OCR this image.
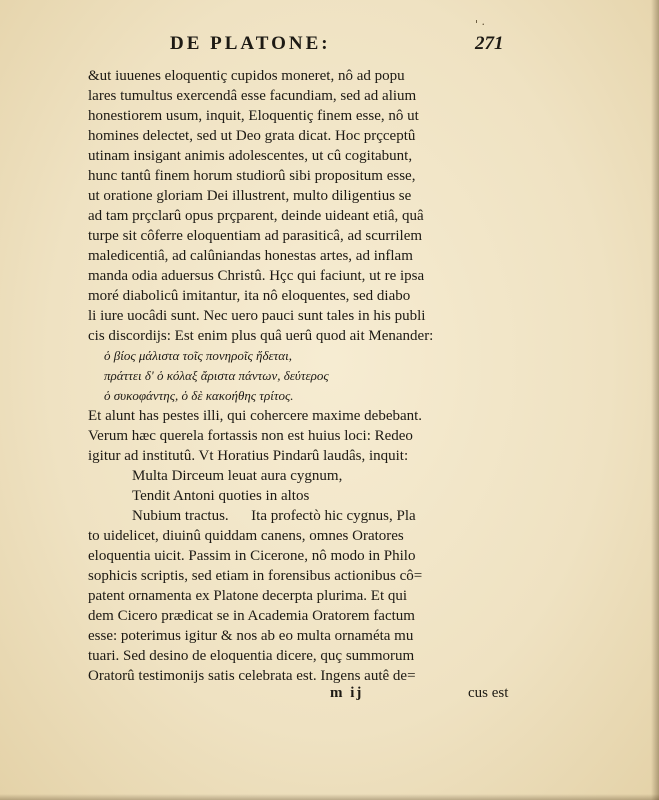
' ·
DE PLATONE:	271
&ut iuuenes eloquentiç cupidos moneret, nô ad popu
lares tumultus exercendâ esse facundiam, sed ad alium
honestiorem usum, inquit, Eloquentiç finem esse, nô ut
homines delectet, sed ut Deo grata dicat. Hoc prçceptû
utinam insigant animis adolescentes, ut cû cogitabunt,
hunc tantû finem horum studiorû sibi propositum esse,
ut oratione gloriam Dei illustrent, multo diligentius se
ad tam prçclarû opus prçparent, deinde uideant etiâ, quâ
turpe sit côferre eloquentiam ad parasiticâ, ad scurrilem
maledicentiâ, ad calûniandas honestas artes, ad inflam
manda odia aduersus Christû. Hçc qui faciunt, ut re ipsa
moré diabolicû imitantur, ita nô eloquentes, sed diabo
li iure uocâdi sunt. Nec uero pauci sunt tales in his publi
cis discordijs: Est enim plus quâ uerû quod ait Menander:
ὁ βίος μάλιστα τοῖς πονηροῖς ἥδεται,
πράττει δ' ὁ κόλαξ ἄριστα πάντων, δεύτερος
ὁ συκοφάντης, ὁ δὲ κακοήθης τρίτος.
Et alunt has pestes illi, qui cohercere maxime debebant.
Verum hæc querela fortassis non est huius loci: Redeo
igitur ad institutû. Vt Horatius Pindarû laudâs, inquit:
Multa Dirceum leuat aura cygnum,
Tendit Antoni quoties in altos
Nubium tractus.      Ita profectò hic cygnus, Pla
to uidelicet, diuinû quiddam canens, omnes Oratores
eloquentia uicit. Passim in Cicerone, nô modo in Philo
sophicis scriptis, sed etiam in forensibus actionibus cô=
patent ornamenta ex Platone decerpta plurima. Et qui
dem Cicero prædicat se in Academia Oratorem factum
esse: poterimus igitur & nos ab eo multa ornaméta mu
tuari. Sed desino de eloquentia dicere, quç summorum
Oratorû testimonijs satis celebrata est. Ingens autê de=
m ij	cus est
